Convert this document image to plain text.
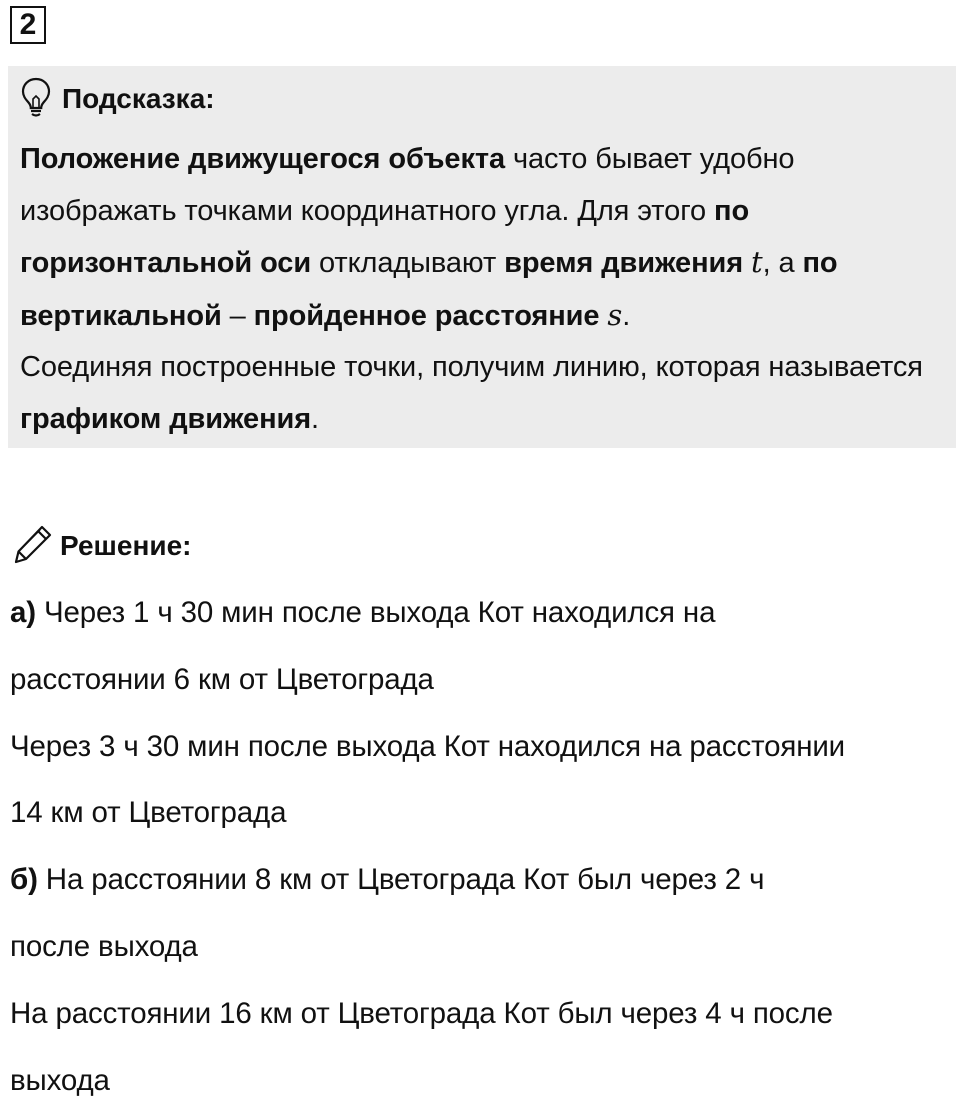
2
Подсказка:
Положение движущегося объекта часто бывает удобно изображать точками координатного угла. Для этого по горизонтальной оси откладывают время движения t, а по вертикальной – пройденное расстояние s.
Соединяя построенные точки, получим линию, которая называется графиком движения.
Решение:

а) Через 1 ч 30 мин после выхода Кот находился на

расстоянии 6 км от Цветограда

Через 3 ч 30 мин после выхода Кот находился на расстоянии

14 км от Цветограда

б) На расстоянии 8 км от Цветограда Кот был через 2 ч

после выхода

На расстоянии 16 км от Цветограда Кот был через 4 ч после

выхода
